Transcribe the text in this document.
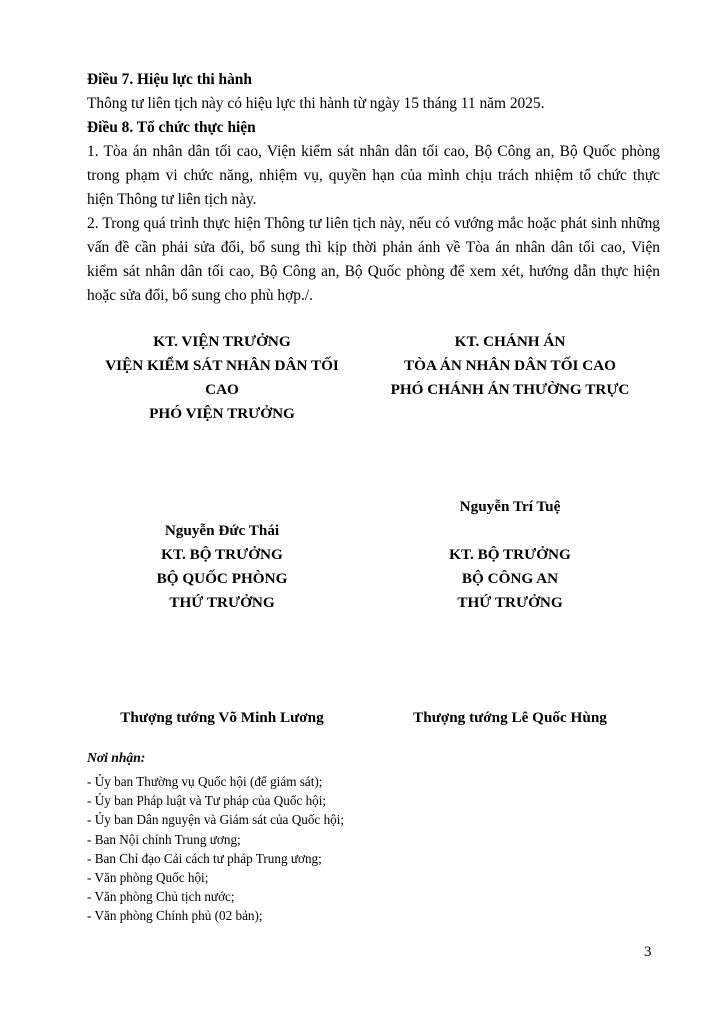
Điều 7. Hiệu lực thi hành

Thông tư liên tịch này có hiệu lực thi hành từ ngày 15 tháng 11 năm 2025.

Điều 8. Tổ chức thực hiện

1. Tòa án nhân dân tối cao, Viện kiểm sát nhân dân tối cao, Bộ Công an, Bộ Quốc phòng

trong phạm vi chức năng, nhiệm vụ, quyền hạn của mình chịu trách nhiệm tổ chức thực

hiện Thông tư liên tịch này.

2. Trong quá trình thực hiện Thông tư liên tịch này, nếu có vướng mắc hoặc phát sinh những

vấn đề cần phải sửa đổi, bổ sung thì kịp thời phản ánh về Tòa án nhân dân tối cao, Viện

kiểm sát nhân dân tối cao, Bộ Công an, Bộ Quốc phòng để xem xét, hướng dẫn thực hiện

hoặc sửa đổi, bổ sung cho phù hợp./.

KT. VIỆN TRƯỞNG

VIỆN KIỂM SÁT NHÂN DÂN TỐI

CAO

PHÓ VIỆN TRƯỞNG

Nguyễn Đức Thái

KT. CHÁNH ÁN

TÒA ÁN NHÂN DÂN TỐI CAO

PHÓ CHÁNH ÁN THƯỜNG TRỰC

Nguyễn Trí Tuệ

KT. BỘ TRƯỞNG

BỘ QUỐC PHÒNG

THỨ TRƯỞNG

Thượng tướng Võ Minh Lương

KT. BỘ TRƯỞNG

BỘ CÔNG AN

THỨ TRƯỞNG

Thượng tướng Lê Quốc Hùng

Nơi nhận:

- Ủy ban Thường vụ Quốc hội (để giám sát);
- Ủy ban Pháp luật và Tư pháp của Quốc hội;
- Ủy ban Dân nguyện và Giám sát của Quốc hội;
- Ban Nội chính Trung ương;
- Ban Chỉ đạo Cải cách tư pháp Trung ương;
- Văn phòng Quốc hội;
- Văn phòng Chủ tịch nước;
- Văn phòng Chính phủ (02 bản);

3
